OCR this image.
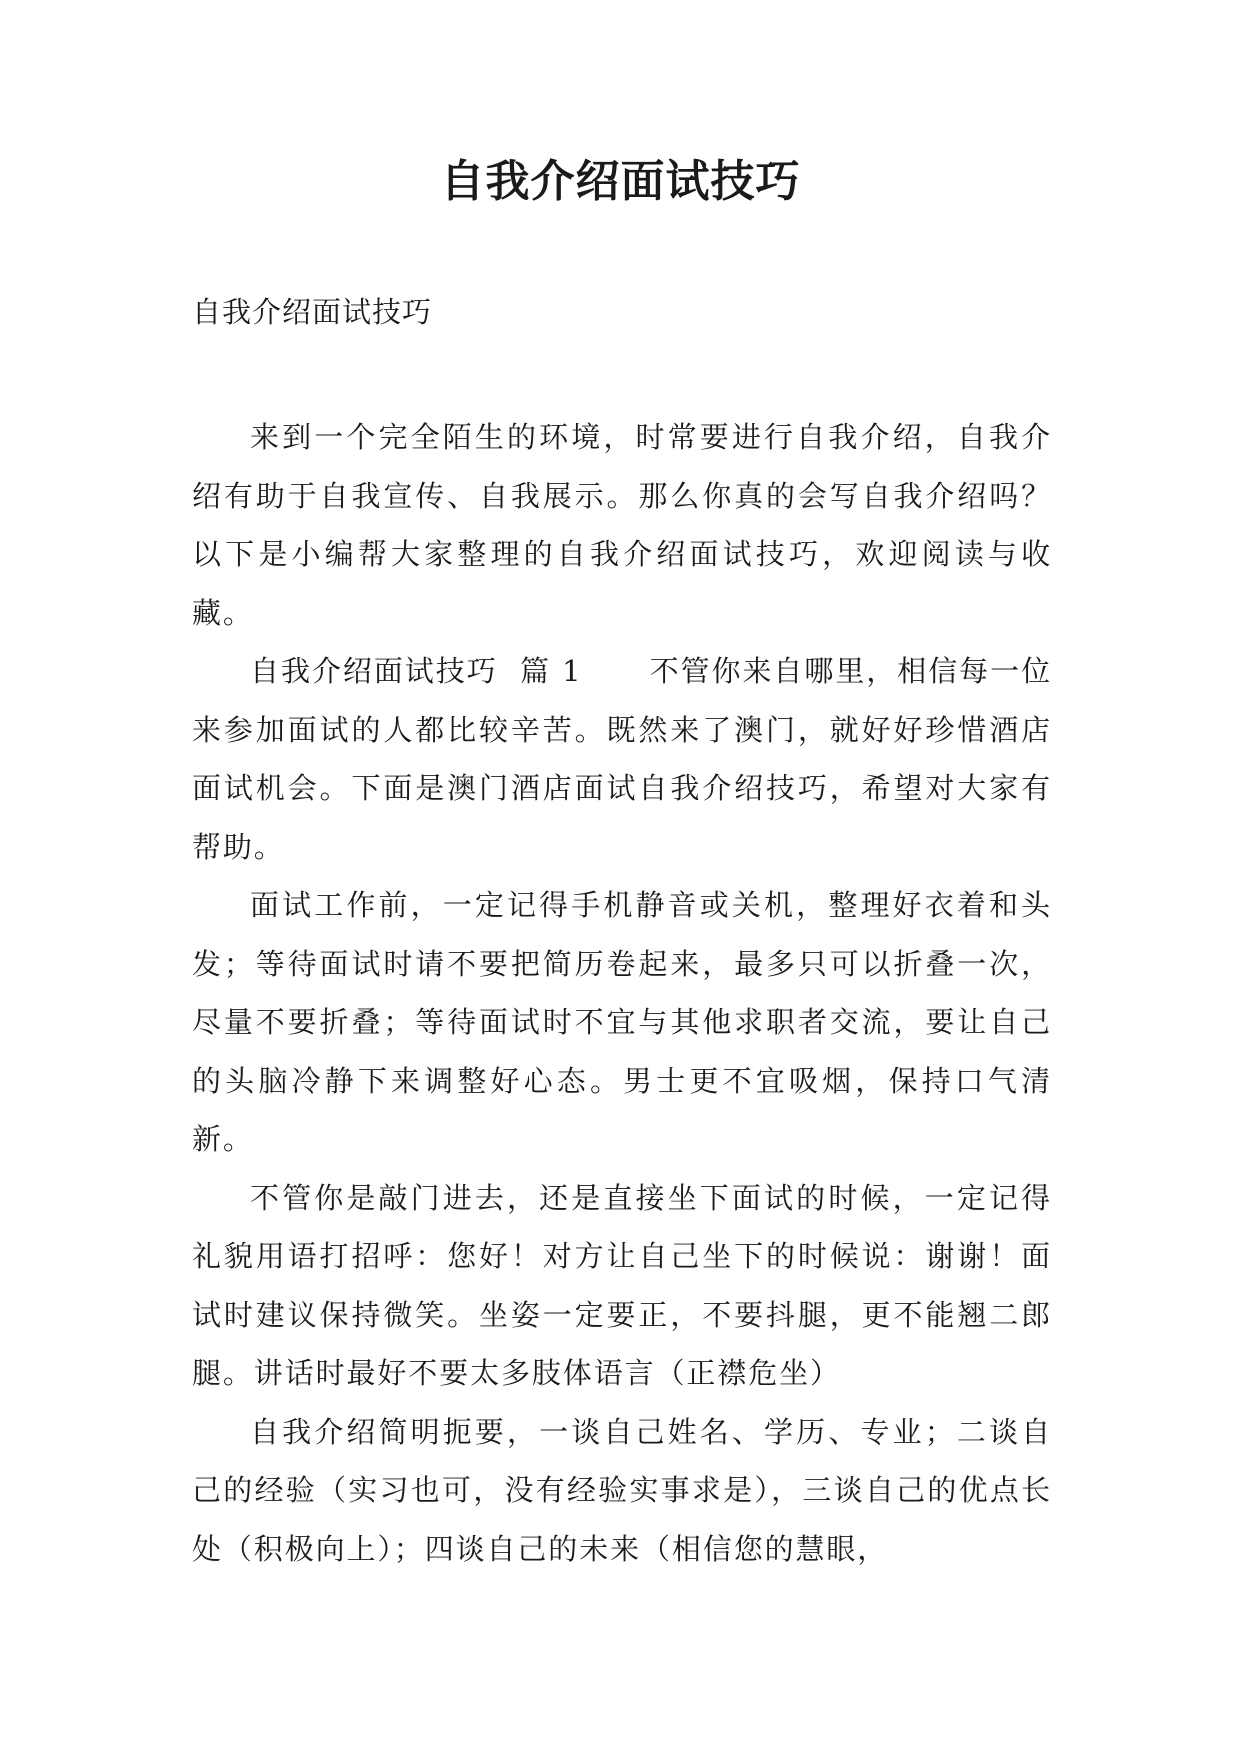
自我介绍面试技巧

自我介绍面试技巧

来到一个完全陌生的环境，时常要进行自我介绍，自我介绍有助于自我宣传、自我展示。那么你真的会写自我介绍吗？以下是小编帮大家整理的自我介绍面试技巧，欢迎阅读与收藏。

自我介绍面试技巧  篇 1 不管你来自哪里，相信每一位来参加面试的人都比较辛苦。既然来了澳门，就好好珍惜酒店面试机会。下面是澳门酒店面试自我介绍技巧，希望对大家有帮助。

面试工作前，一定记得手机静音或关机，整理好衣着和头发；等待面试时请不要把简历卷起来，最多只可以折叠一次，尽量不要折叠；等待面试时不宜与其他求职者交流，要让自己的头脑冷静下来调整好心态。男士更不宜吸烟，保持口气清新。

不管你是敲门进去，还是直接坐下面试的时候，一定记得礼貌用语打招呼：您好！对方让自己坐下的时候说：谢谢！面试时建议保持微笑。坐姿一定要正，不要抖腿，更不能翘二郎腿。讲话时最好不要太多肢体语言（正襟危坐）

自我介绍简明扼要，一谈自己姓名、学历、专业；二谈自己的经验（实习也可，没有经验实事求是），三谈自己的优点长处（积极向上）；四谈自己的未来（相信您的慧眼，
